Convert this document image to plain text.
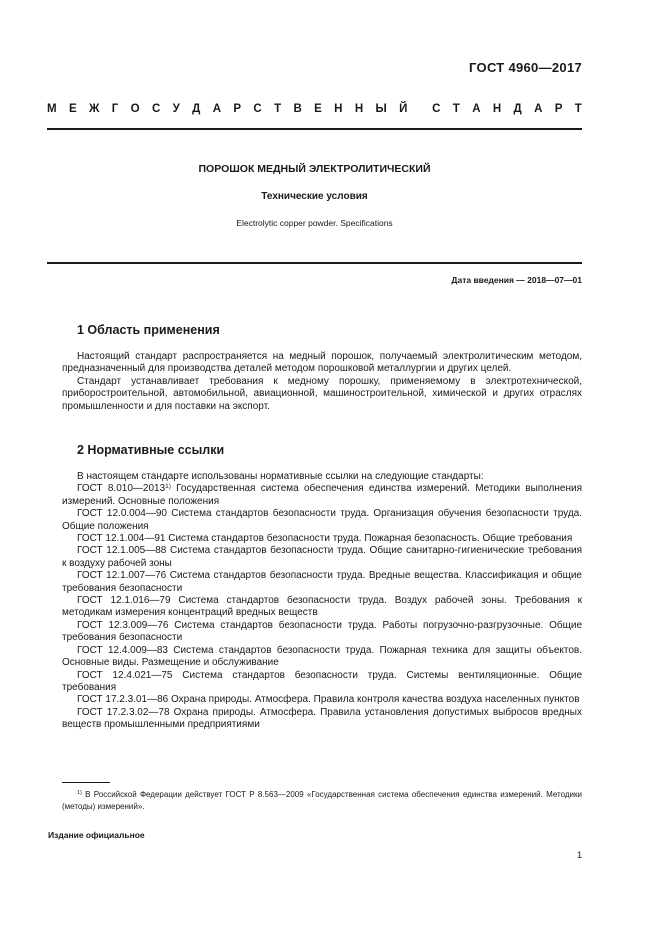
ГОСТ 4960—2017
М Е Ж Г О С У Д А Р С Т В Е Н Н Ы Й С Т А Н Д А Р Т
ПОРОШОК МЕДНЫЙ ЭЛЕКТРОЛИТИЧЕСКИЙ
Технические условия
Electrolytic copper powder. Specifications
Дата введения — 2018—07—01
1 Область применения

Настоящий стандарт распространяется на медный порошок, получаемый электролитическим методом, предназначенный для производства деталей методом порошковой металлургии и других целей.

Стандарт устанавливает требования к медному порошку, применяемому в электротехнической, приборостроительной, автомобильной, авиационной, машиностроительной, химической и других отраслях промышленности и для поставки на экспорт.

2 Нормативные ссылки

В настоящем стандарте использованы нормативные ссылки на следующие стандарты:

ГОСТ 8.010—2013$^{1)}$ Государственная система обеспечения единства измерений. Методики выполнения измерений. Основные положения

ГОСТ 12.0.004—90 Система стандартов безопасности труда. Организация обучения безопасности труда. Общие положения

ГОСТ 12.1.004—91 Система стандартов безопасности труда. Пожарная безопасность. Общие требования

ГОСТ 12.1.005—88 Система стандартов безопасности труда. Общие санитарно-гигиенические требования к воздуху рабочей зоны

ГОСТ 12.1.007—76 Система стандартов безопасности труда. Вредные вещества. Классификация и общие требования безопасности

ГОСТ 12.1.016—79 Система стандартов безопасности труда. Воздух рабочей зоны. Требования к методикам измерения концентраций вредных веществ

ГОСТ 12.3.009—76 Система стандартов безопасности труда. Работы погрузочно-разгрузочные. Общие требования безопасности

ГОСТ 12.4.009—83 Система стандартов безопасности труда. Пожарная техника для защиты объектов. Основные виды. Размещение и обслуживание

ГОСТ 12.4.021—75 Система стандартов безопасности труда. Системы вентиляционные. Общие требования

ГОСТ 17.2.3.01—86 Охрана природы. Атмосфера. Правила контроля качества воздуха населенных пунктов

ГОСТ 17.2.3.02—78 Охрана природы. Атмосфера. Правила установления допустимых выбросов вредных веществ промышленными предприятиями

$^{1)}$ В Российской Федерации действует ГОСТ Р 8.563—2009 «Государственная система обеспечения единства измерений. Методики (методы) измерений».
Издание официальное
1
